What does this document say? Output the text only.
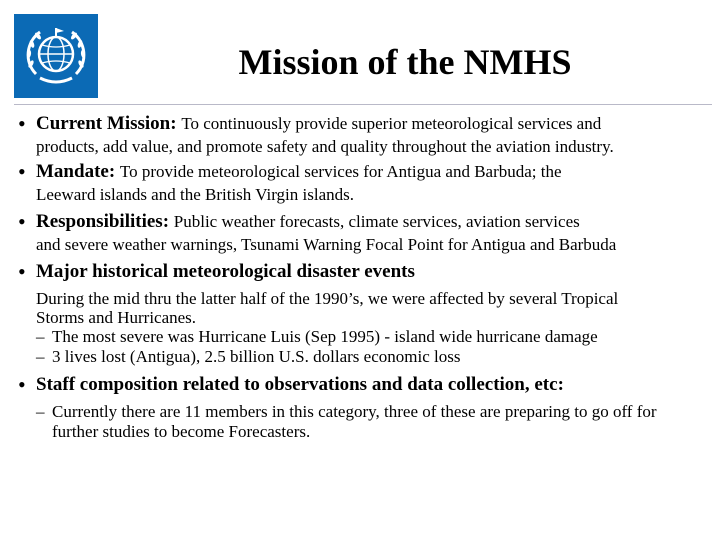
Mission of the NMHS
• Current Mission: To continuously provide superior meteorological services and
products, add value, and promote safety and quality throughout the aviation industry.
• Mandate: To provide meteorological services for Antigua and Barbuda; the
Leeward islands and the British Virgin islands.
• Responsibilities: Public weather forecasts, climate services, aviation services
and severe weather warnings, Tsunami Warning Focal Point for Antigua and Barbuda
• Major historical meteorological disaster events
During the mid thru the latter half of the 1990’s, we were affected by several Tropical Storms and Hurricanes.
– The most severe was Hurricane Luis (Sep 1995) - island wide hurricane damage
– 3 lives lost (Antigua), 2.5 billion U.S. dollars economic loss
• Staff composition related to observations and data collection, etc:
– Currently there are 11 members in this category, three of these are preparing to go off for further studies to become Forecasters.
